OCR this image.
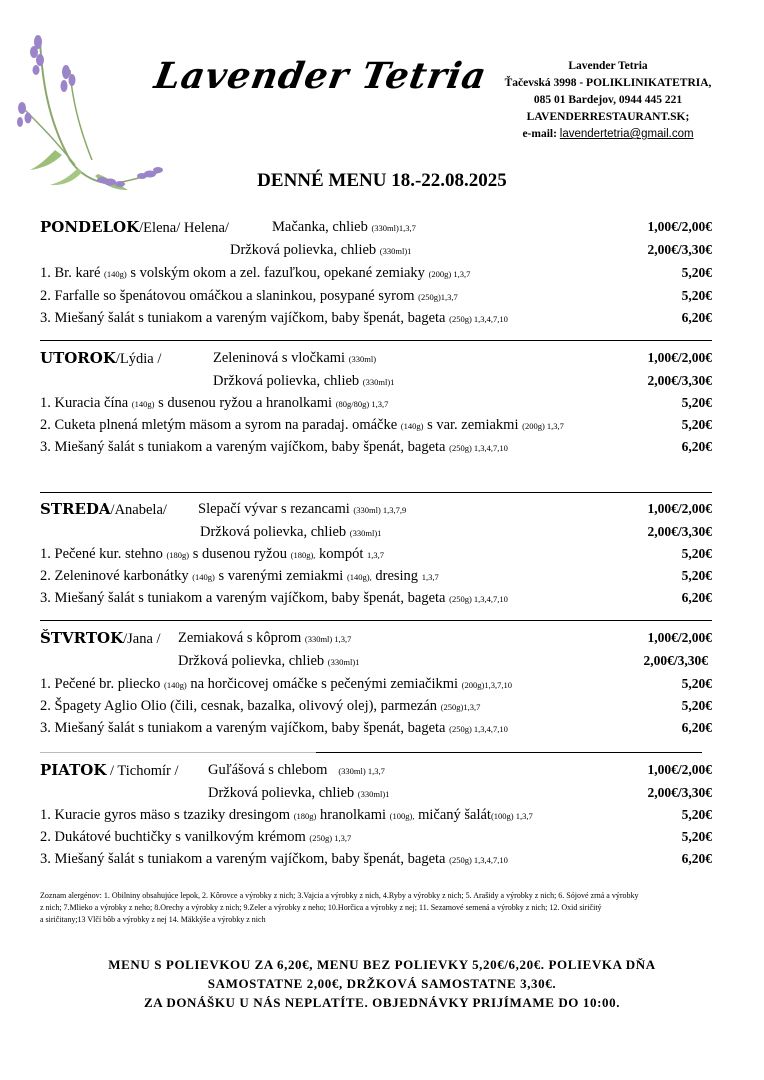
Lavender Tetria	Lavender Tetria
Ťačevská 3998 - POLIKLINIKATETRIA,
085 01 Bardejov, 0944 445 221
LAVENDERRESTAURANT.SK;
e-mail: lavendertetria@gmail.com
DENNÉ MENU 18.-22.08.2025
PONDELOK/Elena/ Helena/	Mačanka, chlieb (330ml)1,3,7	1,00€/2,00€
Držková polievka, chlieb (330ml)1	2,00€/3,30€
1. Br. karé (140g) s volským okom a zel. fazuľkou, opekané zemiaky (200g) 1,3,7	5,20€
2. Farfalle so špenátovou omáčkou a slaninkou, posypané syrom (250g)1,3,7	5,20€
3. Miešaný šalát s tuniakom a vareným vajíčkom, baby špenát, bageta (250g) 1,3,4,7,10	6,20€
UTOROK/Lýdia /	Zeleninová s vločkami (330ml)	1,00€/2,00€
Držková polievka, chlieb (330ml)1	2,00€/3,30€
1. Kuracia čína (140g) s dusenou ryžou a hranolkami (80g/80g) 1,3,7	5,20€
2. Cuketa plnená mletým mäsom a syrom na paradaj. omáčke (140g) s var. zemiakmi (200g) 1,3,7	5,20€
3. Miešaný šalát s tuniakom a vareným vajíčkom, baby špenát, bageta (250g) 1,3,4,7,10	6,20€
STREDA/Anabela/ Slepačí vývar s rezancami (330ml) 1,3,7,9	1,00€/2,00€
Držková polievka, chlieb (330ml)1	2,00€/3,30€
1. Pečené kur. stehno (180g) s dusenou ryžou (180g), kompót 1,3,7	5,20€
2. Zeleninové karbonátky (140g) s varenými zemiakmi (140g), dresing 1,3,7	5,20€
3. Miešaný šalát s tuniakom a vareným vajíčkom, baby špenát, bageta (250g) 1,3,4,7,10	6,20€
ŠTVRTOK/Jana / Zemiaková s kôprom (330ml) 1,3,7	1,00€/2,00€
Držková polievka, chlieb (330ml)1	2,00€/3,30€
1. Pečené br. pliecko (140g) na horčicovej omáčke s pečenými zemiačikmi (200g)1,3,7,10	5,20€
2. Špagety Aglio Olio (čili, cesnak, bazalka, olivový olej), parmezán (250g)1,3,7	5,20€
3. Miešaný šalát s tuniakom a vareným vajíčkom, baby špenát, bageta (250g) 1,3,4,7,10	6,20€
PIATOK / Tichomír / Guľášová s chlebom (330ml) 1,3,7	1,00€/2,00€
Držková polievka, chlieb (330ml)1	2,00€/3,30€
1. Kuracie gyros mäso s tzaziky dresingom (180g) hranolkami (100g), mičaný šalát(100g) 1,3,7	5,20€
2. Dukátové buchtičky s vanilkovým krémom (250g) 1,3,7	5,20€
3. Miešaný šalát s tuniakom a vareným vajíčkom, baby špenát, bageta (250g) 1,3,4,7,10	6,20€
Zoznam alergénov: 1. Obilniny obsahujúce lepok, 2. Kôrovce a výrobky z nich; 3.Vajcia a výrobky z nich, 4.Ryby a výrobky z nich; 5. Arašidy a výrobky z nich; 6. Sójové zrná a výrobky
z nich; 7.Mlieko a výrobky z neho; 8.Orechy a výrobky z nich; 9.Zeler a výrobky z neho; 10.Horčica a výrobky z nej; 11. Sezamové semená a výrobky z nich; 12. Oxid siričitý
a siričitany;13 Vlčí bôb a výrobky z nej 14. Mäkkýše a výrobky z nich
MENU S POLIEVKOU ZA 6,20€, MENU BEZ POLIEVKY 5,20€/6,20€. POLIEVKA DŇA
SAMOSTATNE 2,00€, DRŽKOVÁ SAMOSTATNE 3,30€.
ZA DONÁŠKU U NÁS NEPLATÍTE. OBJEDNÁVKY PRIJÍMAME DO 10:00.
